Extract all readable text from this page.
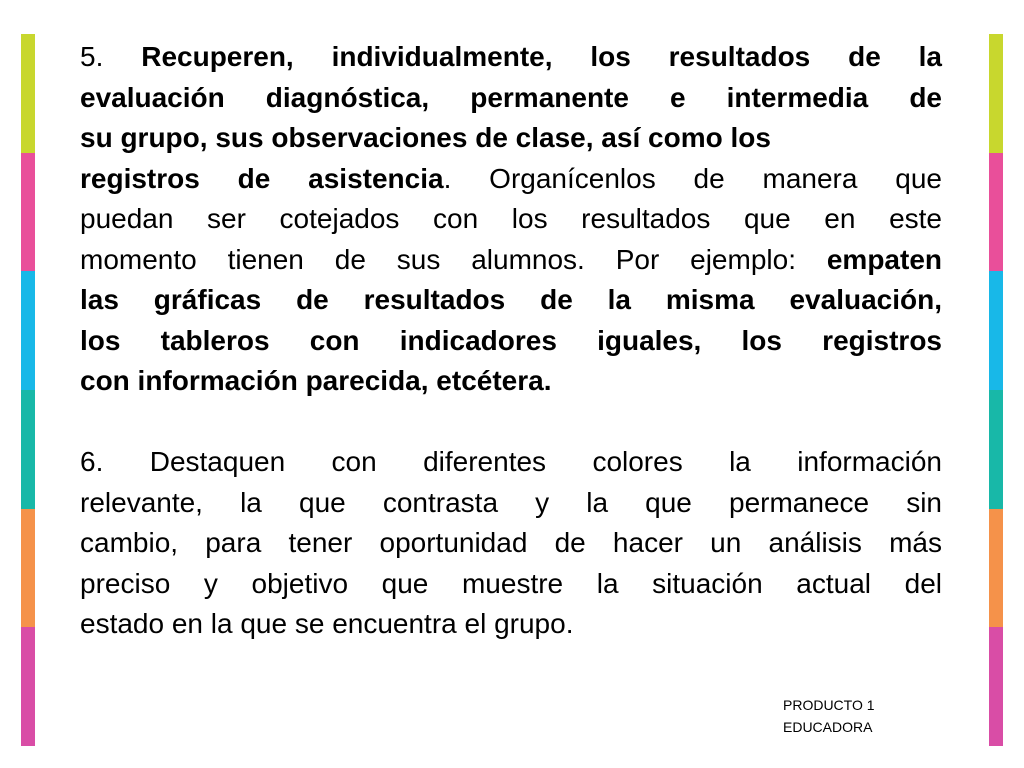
5. Recuperen, individualmente, los resultados de la
evaluación diagnóstica, permanente e intermedia de
su grupo, sus observaciones de clase, así como los
registros de asistencia. Organícenlos de manera que
puedan ser cotejados con los resultados que en este
momento tienen de sus alumnos. Por ejemplo: empaten
las gráficas de resultados de la misma evaluación,
los tableros con indicadores iguales, los registros
con información parecida, etcétera.

6. Destaquen con diferentes colores la información
relevante, la que contrasta y la que permanece sin
cambio, para tener oportunidad de hacer un análisis más
preciso y objetivo que muestre la situación actual del
estado en la que se encuentra el grupo.

PRODUCTO 1
EDUCADORA
